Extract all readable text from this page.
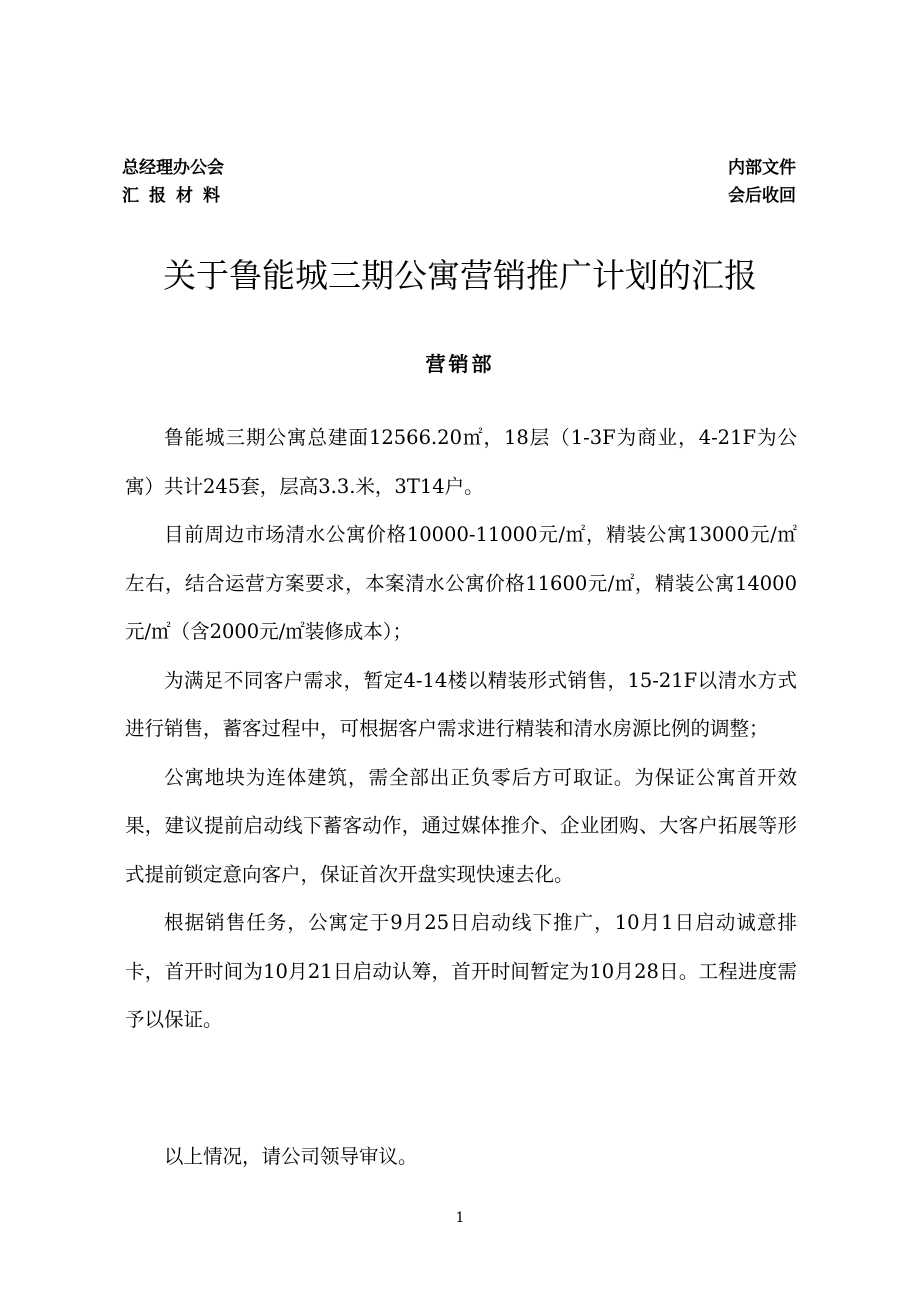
总经理办公会
汇报材料
内部文件
会后收回
关于鲁能城三期公寓营销推广计划的汇报
营销部

鲁能城三期公寓总建面12566.20㎡，18层（1-3F为商业，4-21F为公寓）共计245套，层高3.3.米，3T14户。

目前周边市场清水公寓价格10000-11000元/㎡，精装公寓13000元/㎡左右，结合运营方案要求，本案清水公寓价格11600元/㎡，精装公寓14000元/㎡（含2000元/㎡装修成本）；

为满足不同客户需求，暂定4-14楼以精装形式销售，15-21F以清水方式进行销售，蓄客过程中，可根据客户需求进行精装和清水房源比例的调整；

公寓地块为连体建筑，需全部出正负零后方可取证。为保证公寓首开效果，建议提前启动线下蓄客动作，通过媒体推介、企业团购、大客户拓展等形式提前锁定意向客户，保证首次开盘实现快速去化。

根据销售任务，公寓定于9月25日启动线下推广，10月1日启动诚意排卡，首开时间为10月21日启动认筹，首开时间暂定为10月28日。工程进度需予以保证。

以上情况，请公司领导审议。
1
